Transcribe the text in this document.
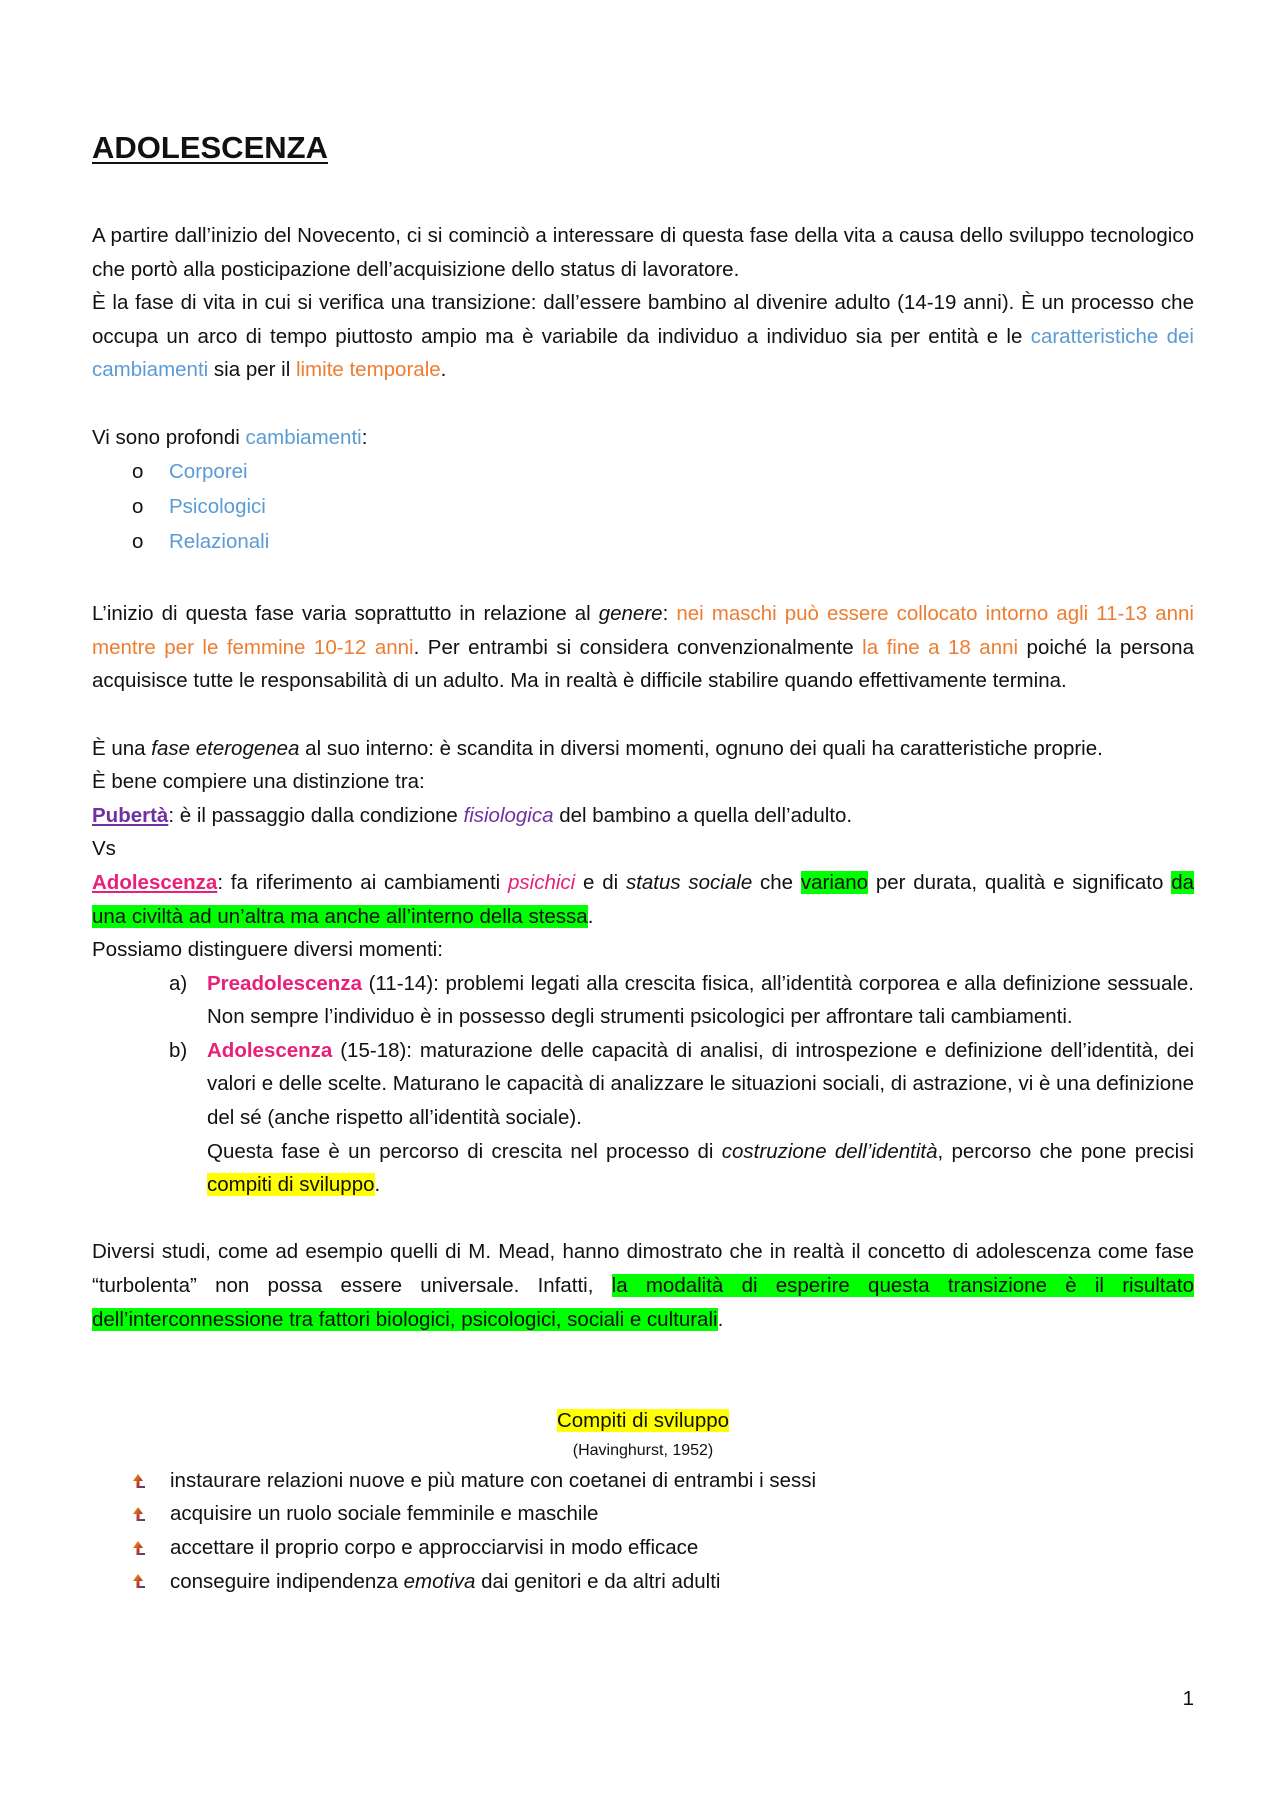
ADOLESCENZA

A partire dall’inizio del Novecento, ci si cominciò a interessare di questa fase della vita a causa dello sviluppo tecnologico che portò alla posticipazione dell’acquisizione dello status di lavoratore.

È la fase di vita in cui si verifica una transizione: dall’essere bambino al divenire adulto (14-19 anni). È un processo che occupa un arco di tempo piuttosto ampio ma è variabile da individuo a individuo sia per entità e le caratteristiche dei cambiamenti sia per il limite temporale.

Vi sono profondi cambiamenti:

o	Corporei
o	Psicologici
o	Relazionali

L’inizio di questa fase varia soprattutto in relazione al genere: nei maschi può essere collocato intorno agli 11-13 anni mentre per le femmine 10-12 anni. Per entrambi si considera convenzionalmente la fine a 18 anni poiché la persona acquisisce tutte le responsabilità di un adulto. Ma in realtà è difficile stabilire quando effettivamente termina.

È una fase eterogenea al suo interno: è scandita in diversi momenti, ognuno dei quali ha caratteristiche proprie.

È bene compiere una distinzione tra:

Pubertà: è il passaggio dalla condizione fisiologica del bambino a quella dell’adulto.

Vs

Adolescenza: fa riferimento ai cambiamenti psichici e di status sociale che variano per durata, qualità e significato da una civiltà ad un’altra ma anche all’interno della stessa.

Possiamo distinguere diversi momenti:

a) Preadolescenza (11-14): problemi legati alla crescita fisica, all’identità corporea e alla definizione sessuale. Non sempre l’individuo è in possesso degli strumenti psicologici per affrontare tali cambiamenti.
b) Adolescenza (15-18): maturazione delle capacità di analisi, di introspezione e definizione dell’identità, dei valori e delle scelte. Maturano le capacità di analizzare le situazioni sociali, di astrazione, vi è una definizione del sé (anche rispetto all’identità sociale).
Questa fase è un percorso di crescita nel processo di costruzione dell’identità, percorso che pone precisi compiti di sviluppo.

Diversi studi, come ad esempio quelli di M. Mead, hanno dimostrato che in realtà il concetto di adolescenza come fase “turbolenta” non possa essere universale. Infatti, la modalità di esperire questa transizione è il risultato dell’interconnessione tra fattori biologici, psicologici, sociali e culturali.

Compiti di sviluppo

(Havinghurst, 1952)

instaurare relazioni nuove e più mature con coetanei di entrambi i sessi
acquisire un ruolo sociale femminile e maschile
accettare il proprio corpo e approcciarvisi in modo efficace
conseguire indipendenza emotiva dai genitori e da altri adulti
1
